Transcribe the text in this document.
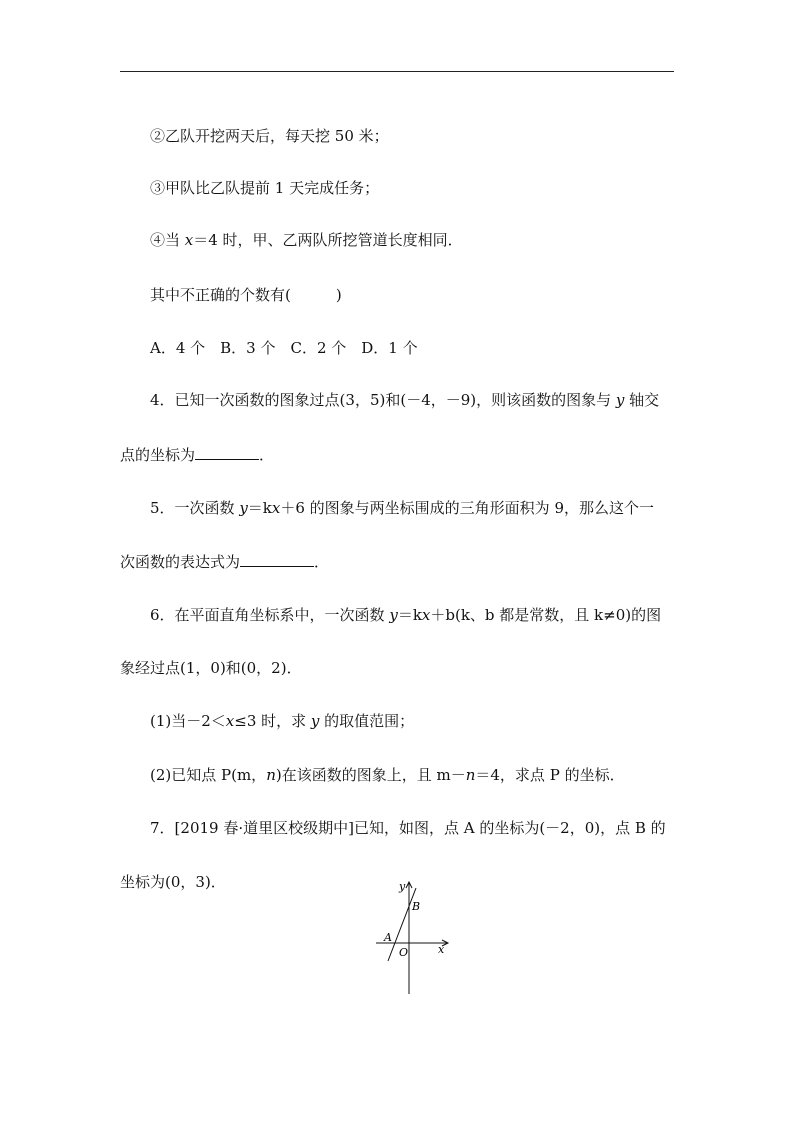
②乙队开挖两天后，每天挖 50 米；
③甲队比乙队提前 1 天完成任务；
④当 x＝4 时，甲、乙两队所挖管道长度相同．
其中不正确的个数有(　　　)
A．4 个　B．3 个　C．2 个　D．1 个
4．已知一次函数的图象过点(3，5)和(－4，－9)，则该函数的图象与 y 轴交
点的坐标为	．
5．一次函数 y＝kx＋6 的图象与两坐标围成的三角形面积为 9，那么这个一
次函数的表达式为	．
6．在平面直角坐标系中，一次函数 y＝kx＋b(k、b 都是常数，且 k≠0)的图
象经过点(1，0)和(0，2)．
(1)当－2＜x≤3 时，求 y 的取值范围；
(2)已知点 P(m，n)在该函数的图象上，且 m－n＝4，求点 P 的坐标．
7．[2019 春·道里区校级期中]已知，如图，点 A 的坐标为(－2，0)，点 B 的
坐标为(0，3)．	y
x
B
A
O
